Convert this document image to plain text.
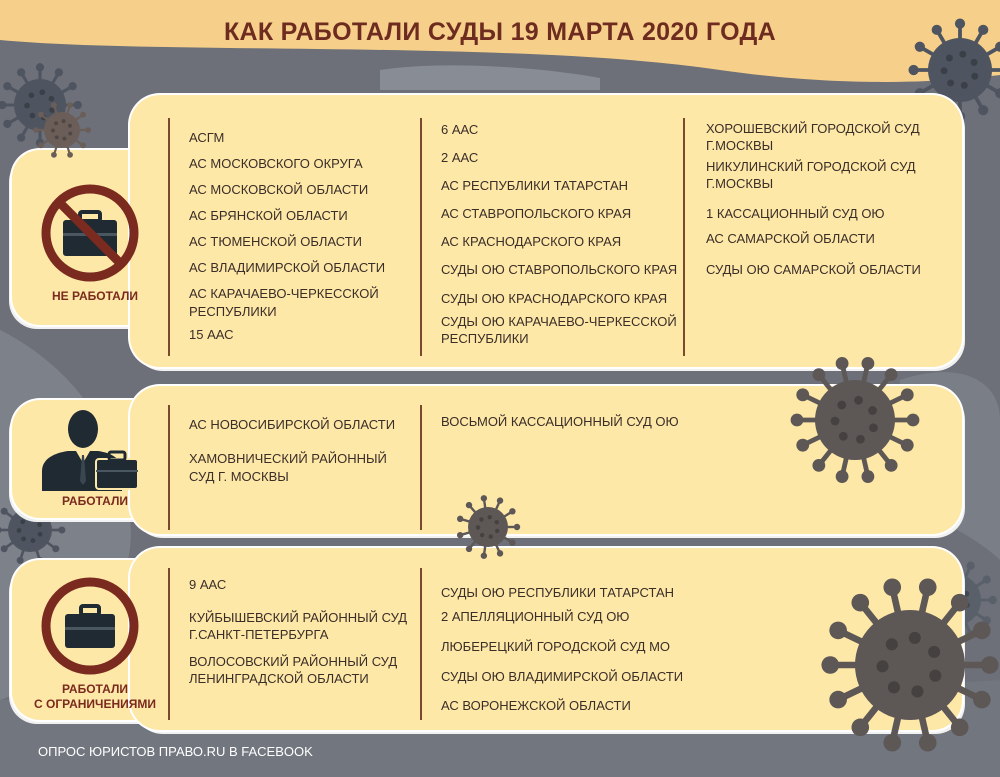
КАК РАБОТАЛИ СУДЫ 19 МАРТА 2020 ГОДА
НЕ РАБОТАЛИ
АСГМ
АС МОСКОВСКОГО ОКРУГА
АС МОСКОВСКОЙ ОБЛАСТИ
АС БРЯНСКОЙ ОБЛАСТИ
АС ТЮМЕНСКОЙ ОБЛАСТИ
АС ВЛАДИМИРСКОЙ ОБЛАСТИ
АС КАРАЧАЕВО-ЧЕРКЕССКОЙ
РЕСПУБЛИКИ
15 ААС
6 ААС
2 ААС
АС РЕСПУБЛИКИ ТАТАРСТАН
АС СТАВРОПОЛЬСКОГО КРАЯ
АС КРАСНОДАРСКОГО КРАЯ
СУДЫ ОЮ СТАВРОПОЛЬСКОГО КРАЯ
СУДЫ ОЮ КРАСНОДАРСКОГО КРАЯ
СУДЫ ОЮ КАРАЧАЕВО-ЧЕРКЕССКОЙ
РЕСПУБЛИКИ
ХОРОШЕВСКИЙ ГОРОДСКОЙ СУД
Г.МОСКВЫ
НИКУЛИНСКИЙ ГОРОДСКОЙ СУД
Г.МОСКВЫ
1 КАССАЦИОННЫЙ СУД ОЮ
АС САМАРСКОЙ ОБЛАСТИ
СУДЫ ОЮ САМАРСКОЙ ОБЛАСТИ
РАБОТАЛИ
АС НОВОСИБИРСКОЙ ОБЛАСТИ
ХАМОВНИЧЕСКИЙ РАЙОННЫЙ
СУД Г. МОСКВЫ
ВОСЬМОЙ КАССАЦИОННЫЙ СУД ОЮ
РАБОТАЛИ
С ОГРАНИЧЕНИЯМИ
9 ААС
КУЙБЫШЕВСКИЙ РАЙОННЫЙ СУД
Г.САНКТ-ПЕТЕРБУРГА
ВОЛОСОВСКИЙ РАЙОННЫЙ СУД
ЛЕНИНГРАДСКОЙ ОБЛАСТИ
СУДЫ ОЮ РЕСПУБЛИКИ ТАТАРСТАН
2 АПЕЛЛЯЦИОННЫЙ СУД ОЮ
ЛЮБЕРЕЦКИЙ ГОРОДСКОЙ СУД МО
СУДЫ ОЮ ВЛАДИМИРСКОЙ ОБЛАСТИ
АС ВОРОНЕЖСКОЙ ОБЛАСТИ
ОПРОС ЮРИСТОВ ПРАВО.RU В FACEBOOK
